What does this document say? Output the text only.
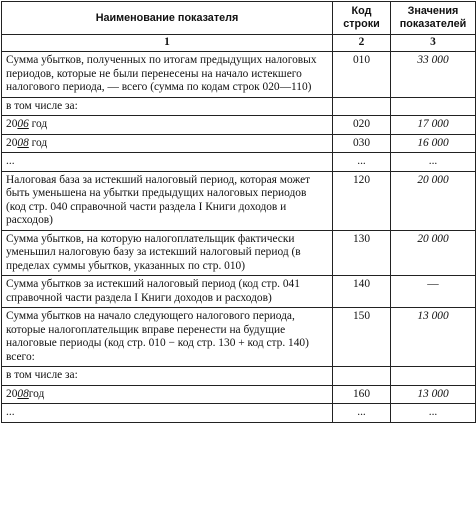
Наименование показателя	Код строки	Значения показателей
1	2	3
Сумма убытков, полученных по итогам предыдущих налоговых периодов, которые не были перенесены на начало истекшего налогового периода, — всего (сумма по кодам строк 020—110)	010	33 000
в том числе за:		
2006 год	020	17 000
2008 год	030	16 000
...	...	...
Налоговая база за истекший налоговый период, которая может быть уменьшена на убытки предыдущих налоговых периодов (код стр. 040 справочной части раздела I Книги доходов и расходов)	120	20 000
Сумма убытков, на которую налогоплательщик фактически уменьшил налоговую базу за истекший налоговый период (в пределах суммы убытков, указанных по стр. 010)	130	20 000
Сумма убытков за истекший налоговый период (код стр. 041 справочной части раздела I Книги доходов и расходов)	140	—
Сумма убытков на начало следующего налогового периода, которые налогоплательщик вправе перенести на будущие налоговые периоды (код стр. 010 − код стр. 130 + код стр. 140) всего:	150	13 000
в том числе за:		
2008год	160	13 000
...	...	...
